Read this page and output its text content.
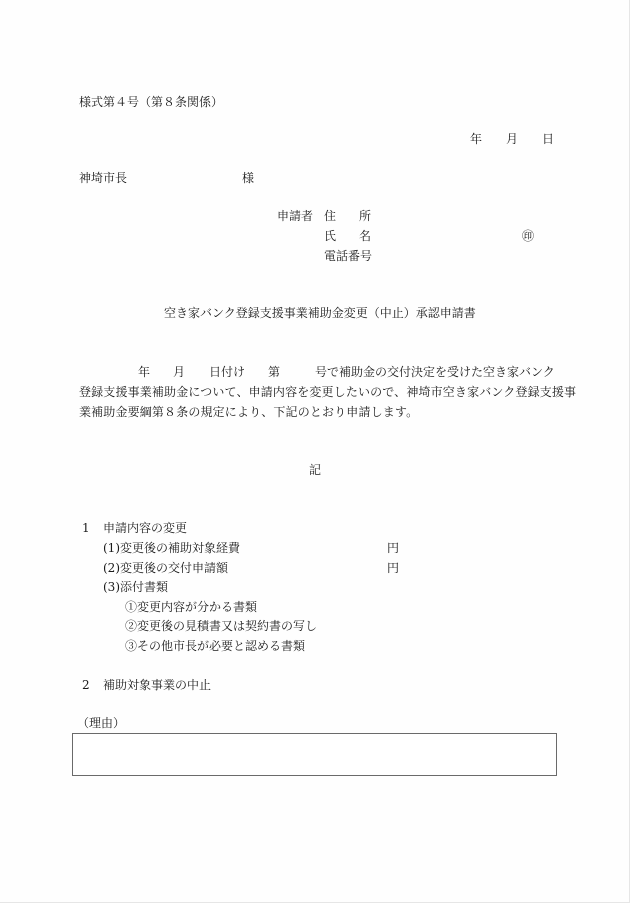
様式第４号（第８条関係）
年 月 日
神埼市長	様
申請者 住 所
氏 名	㊞
電話番号
空き家バンク登録支援事業補助金変更（中止）承認申請書
年 月 日付け 第	号で補助金の交付決定を受けた空き家バンク
登録支援事業補助金について、申請内容を変更したいので、神埼市空き家バンク登録支援事
業補助金要綱第８条の規定により、下記のとおり申請します。
記
1 申請内容の変更
(1)変更後の補助対象経費	円
(2)変更後の交付申請額	円
(3)添付書類
①変更内容が分かる書類
②変更後の見積書又は契約書の写し
③その他市長が必要と認める書類
2 補助対象事業の中止
（理由）
